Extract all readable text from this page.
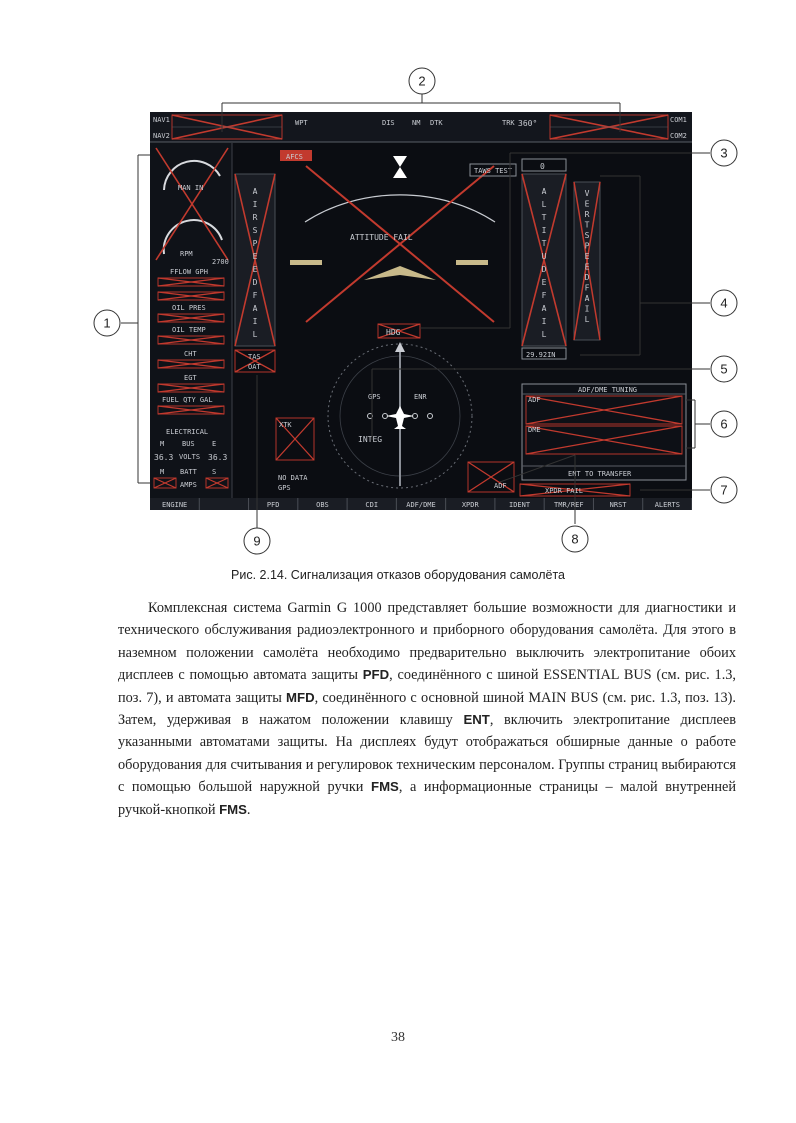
NAV1
NAV2
WPT	DIS NM DTK	TRK 360°	COM1
COM2
MAN IN
RPM
2700
FFLOW GPH
OIL PRES
OIL TEMP
CHT
EGT
FUEL QTY GAL
ELECTRICAL
M	BUS E
36.3 VOLTS 36.3
M BATT S
AMPS
AFCS
A
I
R
S
P
E
E
D
F
A
I
L
TAS
OAT
ATTITUDE FAIL
TAWS TEST	0
A
L
T
I
T
U
D
E
F
A
I
L
29.92IN
V
E
R
T
S
P
E
E
D
F
A
I
L
HDG
GPS	ENR
INTEG
XTK
NO DATA
GPS	ADF
ADF/DME TUNING
ADF
DME
ENT TO TRANSFER
XPDR FAIL
ENGINE	PFD	OBS	CDI	ADF/DME	XPDR	IDENT	TMR/REF	NRST	ALERTS
1
2
3
4
5
6
7
8
9
Рис. 2.14. Сигнализация отказов оборудования самолёта

Комплексная система Garmin G 1000 представляет большие возможности для диагностики и технического обслуживания радиоэлектронного и приборного оборудования самолёта. Для этого в наземном положении самолёта необходимо предварительно выключить электропитание обоих дисплеев с помощью автомата защиты PFD, соединённого с шиной ESSENTIAL BUS (см. рис. 1.3, поз. 7), и автомата защиты MFD, соединённого с основной шиной MAIN BUS (см. рис. 1.3, поз. 13). Затем, удерживая в нажатом положении клавишу ENT, включить электропитание дисплеев указанными автоматами защиты. На дисплеях будут отображаться обширные данные о работе оборудования для считывания и регулировок техническим персоналом. Группы страниц выбираются с помощью большой наружной ручки FMS, а информационные страницы – малой внутренней ручкой-кнопкой FMS.

38
